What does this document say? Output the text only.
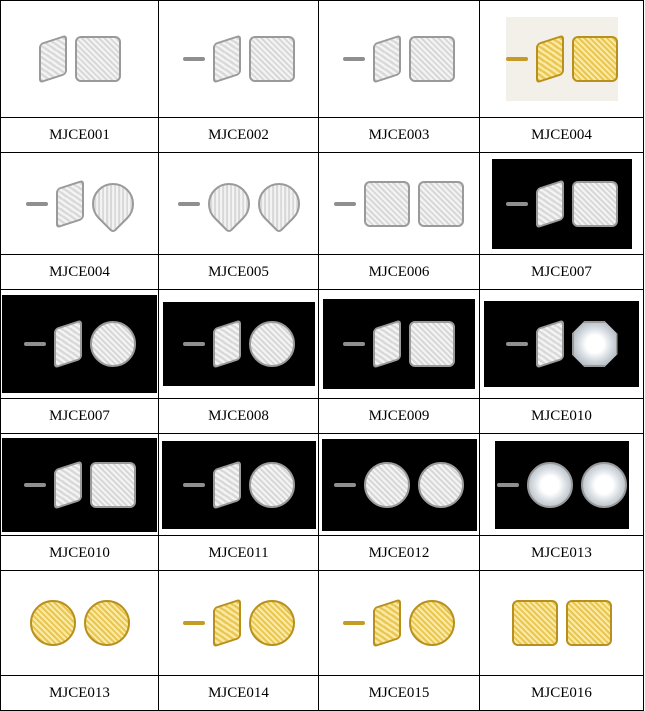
MJCE001	MJCE002	MJCE003	MJCE004

MJCE004	MJCE005	MJCE006	MJCE007

MJCE007	MJCE008	MJCE009	MJCE010

MJCE010	MJCE011	MJCE012	MJCE013

MJCE013	MJCE014	MJCE015	MJCE016
